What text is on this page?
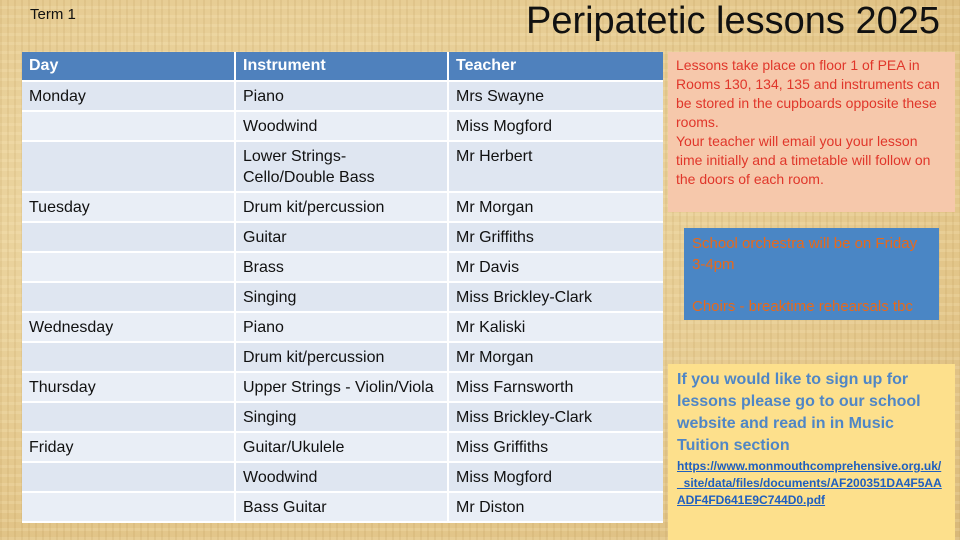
Term 1	Peripatetic lessons 2025
Day	Instrument	Teacher
Monday	Piano	Mrs Swayne
	Woodwind	Miss Mogford
	Lower Strings- Cello/Double Bass	Mr Herbert
Tuesday	Drum kit/percussion	Mr Morgan
	Guitar	Mr Griffiths
	Brass	Mr Davis
	Singing	Miss Brickley-Clark
Wednesday	Piano	Mr Kaliski
	Drum kit/percussion	Mr Morgan
Thursday	Upper Strings - Violin/Viola	Miss Farnsworth
	Singing	Miss Brickley-Clark
Friday	Guitar/Ukulele	Miss Griffiths
	Woodwind	Miss Mogford
	Bass Guitar	Mr Diston
Lessons take place on floor 1 of PEA in Rooms 130, 134, 135 and instruments can be stored in the cupboards opposite these rooms.
Your teacher will email you your lesson time initially and a timetable will follow on the doors of each room.
School orchestra will be on Friday 3-4pm
Choirs - breaktime rehearsals tbc
If you would like to sign up for lessons please go to our school website and read in in Music Tuition section
https://www.monmouthcomprehensive.org.uk/_site/data/files/documents/AF200351DA4F5AAADF4FD641E9C744D0.pdf
